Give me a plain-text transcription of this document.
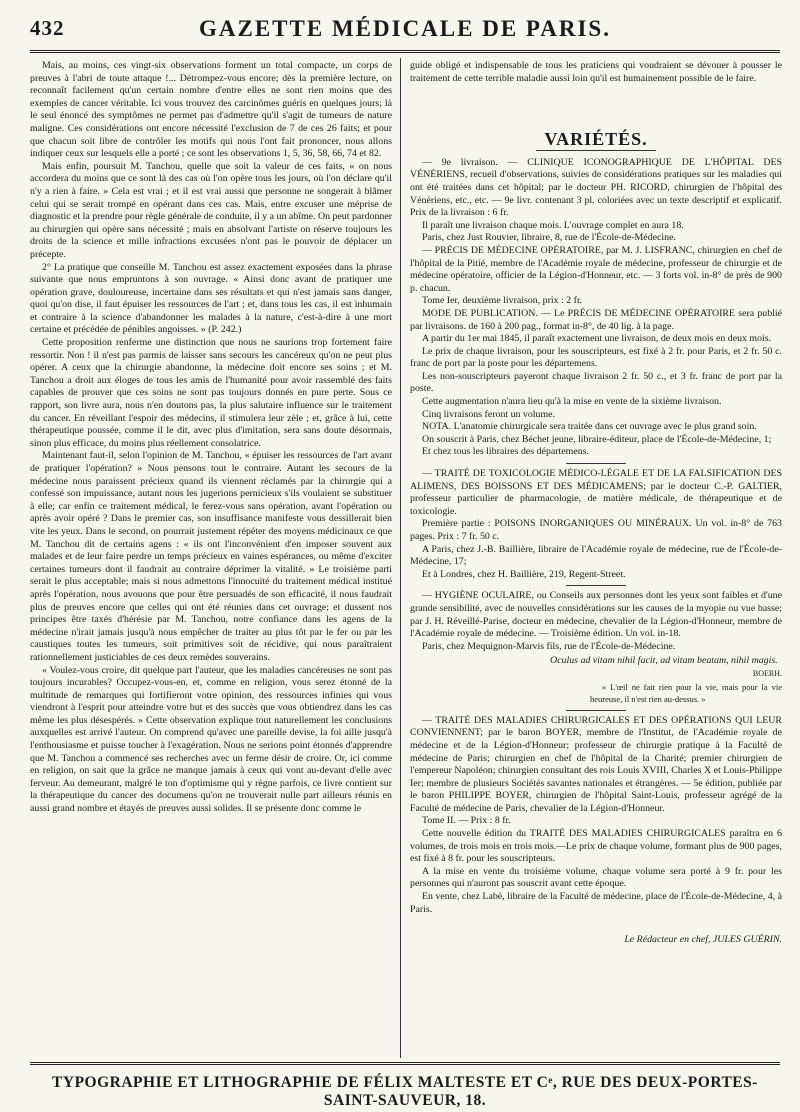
432	GAZETTE MÉDICALE DE PARIS.

Mais, au moins, ces vingt-six observations forment un total compacte, un corps de preuves à l'abri de toute attaque !... Détrompez-vous encore; dès la première lecture, on reconnaît facilement qu'un certain nombre d'entre elles ne sont rien moins que des exemples de cancer véritable. Ici vous trouvez des carcinômes guéris en quelques jours; là le seul énoncé des symptômes ne permet pas d'admettre qu'il s'agit de tumeurs de nature maligne. Ces considérations ont encore nécessité l'exclusion de 7 de ces 26 faits; et pour que chacun soit libre de contrôler les motifs qui nous l'ont fait prononcer, nous allons indiquer ceux sur lesquels elle a porté ; ce sont les observations 1, 5, 36, 58, 66, 74 et 82.

Mais enfin, poursuit M. Tanchou, quelle que soit la valeur de ces faits, « on nous accordera du moins que ce sont là des cas où l'on opère tous les jours, où l'on déclare qu'il n'y a rien à faire. » Cela est vrai ; et il est vrai aussi que personne ne songerait à blâmer celui qui se serait trompé en opérant dans ces cas. Mais, entre excuser une méprise de diagnostic et la prendre pour règle générale de conduite, il y a un abîme. On peut pardonner au chirurgien qui opère sans nécessité ; mais en absolvant l'artiste on réserve toujours les droits de la science et mille infractions excusées n'ont pas le pouvoir de déplacer un précepte.

2° La pratique que conseille M. Tanchou est assez exactement exposées dans la phrase suivante que nous empruntons à son ouvrage. « Ainsi donc avant de pratiquer une opération grave, douloureuse, incertaine dans ses résultats et qui n'est jamais sans danger, quoi qu'on dise, il faut épuiser les ressources de l'art ; et, dans tous les cas, il est inhumain et contraire à la science d'abandonner les malades à la nature, c'est-à-dire à une mort certaine et précédée de pénibles angoisses. » (P. 242.)

Cette proposition renferme une distinction que nous ne saurions trop fortement faire ressortir. Non ! il n'est pas parmis de laisser sans secours les cancéreux qu'on ne peut plus opérer. A ceux que la chirurgie abandonne, la médecine doit encore ses soins ; et M. Tanchou a droit aux éloges de tous les amis de l'humanité pour avoir rassemblé des faits capables de prouver que ces soins ne sont pas toujours donnés en pure perte. Sous ce rapport, son livre aura, nous n'en doutons pas, la plus salutaire influence sur le traitement du cancer. En réveillant l'espoir des médecins, il stimulera leur zèle ; et, grâce à lui, cette thérapeutique poussée, comme il le dit, avec plus d'imitation, sera sans doute désormais, sinon plus efficace, du moins plus réellement consolatrice.

Maintenant faut-il, selon l'opinion de M. Tanchou, « épuiser les ressources de l'art avant de pratiquer l'opération? » Nous pensons tout le contraire. Autant les secours de la médecine nous paraissent précieux quand ils viennent réclamés par la chirurgie qui a confessé son impuissance, autant nous les jugerions pernicieux s'ils voulaient se substituer à elle; car enfin ce traitement médical, le ferez-vous sans opération, avant l'opération ou après avoir opéré ? Dans le premier cas, son insuffisance manifeste vous dessillerait bien vite les yeux. Dans le second, on pourrait justement répéter des moyens médicinaux ce que M. Tanchou dit de certains agens : « ils ont l'inconvénient d'en imposer souvent aux malades et de leur faire perdre un temps précieux en vaines espérances, ou même d'exciter certaines tumeurs dont il faudrait au contraire déprimer la vitalité. » Le troisième parti serait le plus acceptable; mais si nous admettons l'innocuité du traitement médical institué après l'opération, nous avouons que pour être persuadés de son efficacité, il nous faudrait plus de preuves encore que celles qui ont été réunies dans cet ouvrage; et dussent nos principes être taxés d'hérésie par M. Tanchou, notre confiance dans les agens de la médecine n'irait jamais jusqu'à nous empêcher de traiter au plus tôt par le fer ou par les caustiques toutes les tumeurs, soit primitives soit de récidive, qui nous paraîtraient rationnellement justiciables de ces deux remèdes souverains.

« Voulez-vous croire, dit quelque part l'auteur, que les maladies cancéreuses ne sont pas toujours incurables? Occupez-vous-en, et, comme en religion, vous serez étonné de la multitude de remarques qui fortifieront votre opinion, des ressources infinies qui vous viendront à l'esprit pour atteindre votre but et des succès que vous obtiendrez dans les cas même les plus désespérés. » Cette observation explique tout naturellement les conclusions auxquelles est arrivé l'auteur. On comprend qu'avec une pareille devise, la foi aille jusqu'à l'enthousiasme et puisse toucher à l'exagération. Nous ne serions point étonnés d'apprendre que M. Tanchou a commencé ses recherches avec un ferme désir de croire. Or, ici comme en religion, on sait que la grâce ne manque jamais à ceux qui vont au-devant d'elle avec ferveur. Au demeurant, malgré le ton d'optimisme qui y règne parfois, ce livre contient sur la thérapeutique du cancer des documens qu'on ne trouverait nulle part ailleurs réunis en aussi grand nombre et étayés de preuves aussi solides. Il se présente donc comme le

guide obligé et indispensable de tous les praticiens qui voudraient se dévouer à pousser le traitement de cette terrible maladie aussi loin qu'il est humainement possible de le faire.

VARIÉTÉS.

— 9e livraison. — CLINIQUE ICONOGRAPHIQUE DE L'HÔPITAL DES VÉNÉRIENS, recueil d'observations, suivies de considérations pratiques sur les maladies qui ont été traitées dans cet hôpital; par le docteur PH. RICORD, chirurgien de l'hôpital des Vénériens, etc., etc. — 9e livr. contenant 3 pl. coloriées avec un texte descriptif et explicatif. Prix de la livraison : 6 fr.

Il paraît une livraison chaque mois. L'ouvrage complet en aura 18.

Paris, chez Just Rouvier, libraire, 8, rue de l'École-de-Médecine.

— PRÉCIS DE MÉDECINE OPÉRATOIRE, par M. J. LISFRANC, chirurgien en chef de l'hôpital de la Pitié, membre de l'Académie royale de médecine, professeur de chirurgie et de médecine opératoire, officier de la Légion-d'Honneur, etc. — 3 forts vol. in-8° de près de 900 p. chacun.

Tome Ier, deuxième livraison, prix : 2 fr.

MODE DE PUBLICATION. — Le PRÉCIS DE MÉDECINE OPÉRATOIRE sera publié par livraisons. de 160 à 200 pag., format in-8°, de 40 lig. à la page.

A partir du 1er mai 1845, il paraît exactement une livraison, de deux mois en deux mois.

Le prix de chaque livraison, pour les souscripteurs, est fixé à 2 fr. pour Paris, et 2 fr. 50 c. franc de port par la poste pour les départemens.

Les non-souscripteurs payeront chaque livraison 2 fr. 50 c., et 3 fr. franc de port par la poste.

Cette augmentation n'aura lieu qu'à la mise en vente de la sixième livraison.

Cinq livraisons feront un volume.

NOTA. L'anatomie chirurgicale sera traitée dans cet ouvrage avec le plus grand soin.

On souscrit à Paris, chez Béchet jeune, libraire-éditeur, place de l'École-de-Médecine, 1;

Et chez tous les libraires des départemens.

— TRAITÉ DE TOXICOLOGIE MÉDICO-LÉGALE ET DE LA FALSIFICATION DES ALIMENS, DES BOISSONS ET DES MÉDICAMENS; par le docteur C.-P. GALTIER, professeur particulier de pharmacologie, de matière médicale, de thérapeutique et de toxicologie.

Première partie : POISONS INORGANIQUES OU MINÉRAUX. Un vol. in-8° de 763 pages. Prix : 7 fr. 50 c.

A Paris, chez J.-B. Baillière, libraire de l'Académie royale de médecine, rue de l'École-de-Médecine, 17;

Et à Londres, chez H. Baillière, 219, Regent-Street.

— HYGIÈNE OCULAIRE, ou Conseils aux personnes dont les yeux sont faibles et d'une grande sensibilité, avec de nouvelles considérations sur les causes de la myopie ou vue basse; par J. H. Réveillé-Parise, docteur en médecine, chevalier de la Légion-d'Honneur, membre de l'Académie royale de médecine. — Troisième édition. Un vol. in-18.

Paris, chez Mequignon-Marvis fils, rue de l'École-de-Médecine.

Oculus ad vitam nihil facit, ad vitam beatam, nihil magis.
BOERH.

« L'œil ne fait rien pour la vie, mais pour la vie heureuse, il n'est rien au-dessus. »

— TRAITÉ DES MALADIES CHIRURGICALES ET DES OPÉRATIONS QUI LEUR CONVIENNENT; par le baron BOYER, membre de l'Institut, de l'Académie royale de médecine et de la Légion-d'Honneur; professeur de chirurgie pratique à la Faculté de médecine de Paris; chirurgien en chef de l'hôpital de la Charité; premier chirurgien de l'empereur Napoléon; chirurgien consultant des rois Louis XVIII, Charles X et Louis-Philippe Ier; membre de plusieurs Sociétés savantes nationales et étrangères. — 5e édition, publiée par le baron PHILIPPE BOYER, chirurgien de l'hôpital Saint-Louis, professeur agrégé de la Faculté de médecine de Paris, chevalier de la Légion-d'Honneur.

Tome II. — Prix : 8 fr.

Cette nouvelle édition du TRAITÉ DES MALADIES CHIRURGICALES paraîtra en 6 volumes, de trois mois en trois mois.—Le prix de chaque volume, formant plus de 900 pages, est fixé à 8 fr. pour les souscripteurs.

A la mise en vente du troisième volume, chaque volume sera porté à 9 fr. pour les personnes qui n'auront pas souscrit avant cette époque.

En vente, chez Labé, libraire de la Faculté de médecine, place de l'École-de-Médecine, 4, à Paris.

Le Rédacteur en chef, JULES GUÉRIN.
TYPOGRAPHIE ET LITHOGRAPHIE DE FÉLIX MALTESTE ET Cᵉ, RUE DES DEUX-PORTES-SAINT-SAUVEUR, 18.
